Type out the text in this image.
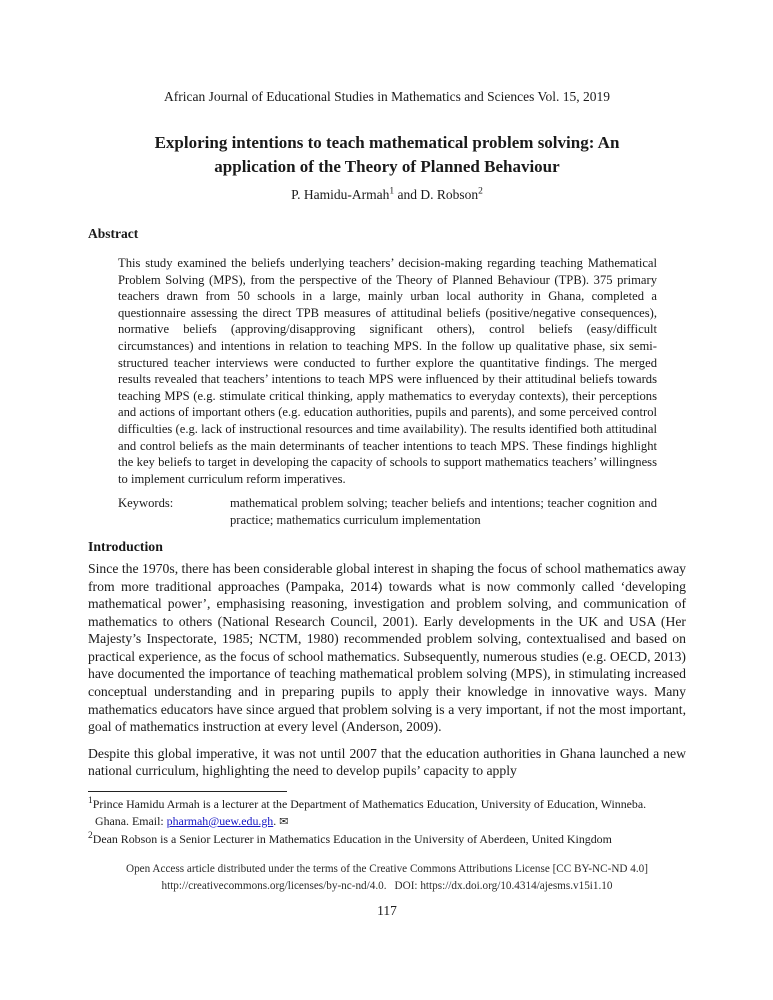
African Journal of Educational Studies in Mathematics and Sciences Vol. 15, 2019
Exploring intentions to teach mathematical problem solving: An
application of the Theory of Planned Behaviour
P. Hamidu-Armah$^1$ and D. Robson$^2$
Abstract

This study examined the beliefs underlying teachers’ decision-making regarding teaching Mathematical Problem Solving (MPS), from the perspective of the Theory of Planned Behaviour (TPB). 375 primary teachers drawn from 50 schools in a large, mainly urban local authority in Ghana, completed a questionnaire assessing the direct TPB measures of attitudinal beliefs (positive/negative consequences), normative beliefs (approving/disapproving significant others), control beliefs (easy/difficult circumstances) and intentions in relation to teaching MPS. In the follow up qualitative phase, six semi-structured teacher interviews were conducted to further explore the quantitative findings. The merged results revealed that teachers’ intentions to teach MPS were influenced by their attitudinal beliefs towards teaching MPS (e.g. stimulate critical thinking, apply mathematics to everyday contexts), their perceptions and actions of important others (e.g. education authorities, pupils and parents), and some perceived control difficulties (e.g. lack of instructional resources and time availability). The results identified both attitudinal and control beliefs as the main determinants of teacher intentions to teach MPS. These findings highlight the key beliefs to target in developing the capacity of schools to support mathematics teachers’ willingness to implement curriculum reform imperatives.

Keywords:	mathematical problem solving; teacher beliefs and intentions; teacher cognition and practice; mathematics curriculum implementation
Introduction

Since the 1970s, there has been considerable global interest in shaping the focus of school mathematics away from more traditional approaches (Pampaka, 2014) towards what is now commonly called ‘developing mathematical power’, emphasising reasoning, investigation and problem solving, and communication of mathematics to others (National Research Council, 2001). Early developments in the UK and USA (Her Majesty’s Inspectorate, 1985; NCTM, 1980) recommended problem solving, contextualised and based on practical experience, as the focus of school mathematics. Subsequently, numerous studies (e.g. OECD, 2013) have documented the importance of teaching mathematical problem solving (MPS), in stimulating increased conceptual understanding and in preparing pupils to apply their knowledge in innovative ways. Many mathematics educators have since argued that problem solving is a very important, if not the most important, goal of mathematics instruction at every level (Anderson, 2009).

Despite this global imperative, it was not until 2007 that the education authorities in Ghana launched a new national curriculum, highlighting the need to develop pupils’ capacity to apply

$^1$Prince Hamidu Armah is a lecturer at the Department of Mathematics Education, University of Education, Winneba. Ghana. Email: pharmah@uew.edu.gh. ✉

$^2$Dean Robson is a Senior Lecturer in Mathematics Education in the University of Aberdeen, United Kingdom

Open Access article distributed under the terms of the Creative Commons Attributions License [CC BY-NC-ND 4.0]
http://creativecommons.org/licenses/by-nc-nd/4.0. DOI: https://dx.doi.org/10.4314/ajesms.v15i1.10
117
